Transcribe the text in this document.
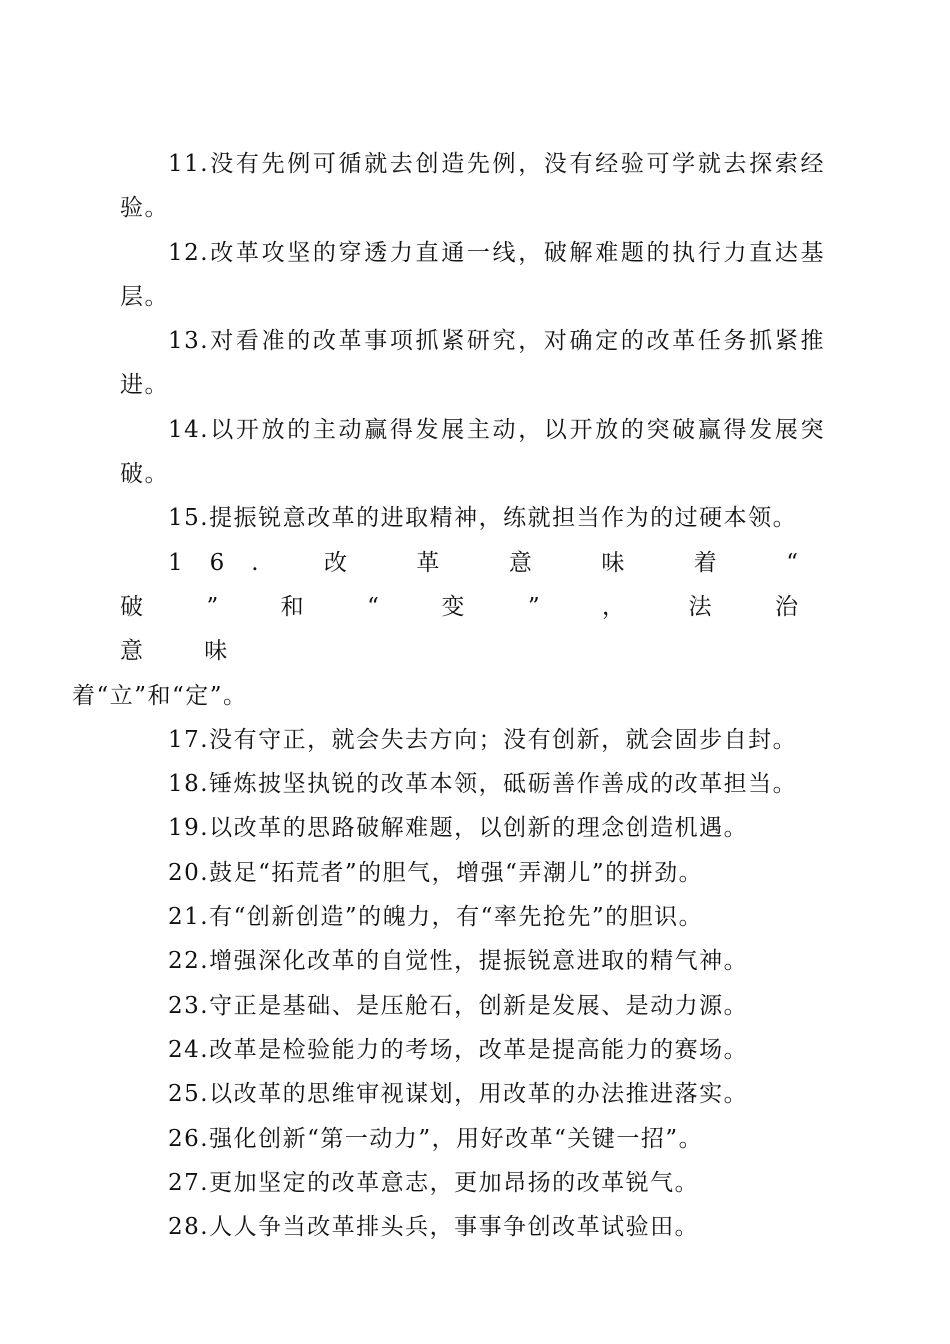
11.没有先例可循就去创造先例，没有经验可学就去探索经验。

12.改革攻坚的穿透力直通一线，破解难题的执行力直达基层。

13.对看准的改革事项抓紧研究，对确定的改革任务抓紧推进。

14.以开放的主动赢得发展主动，以开放的突破赢得发展突破。

15.提振锐意改革的进取精神，练就担当作为的过硬本领。

16. 改 革 意 味 着 “ 破 ” 和 “ 变 ” ， 法 治 意 味
着“立”和“定”。

17.没有守正，就会失去方向；没有创新，就会固步自封。

18.锤炼披坚执锐的改革本领，砥砺善作善成的改革担当。

19.以改革的思路破解难题，以创新的理念创造机遇。

20.鼓足“拓荒者”的胆气，增强“弄潮儿”的拼劲。

21.有“创新创造”的魄力，有“率先抢先”的胆识。

22.增强深化改革的自觉性，提振锐意进取的精气神。

23.守正是基础、是压舱石，创新是发展、是动力源。

24.改革是检验能力的考场，改革是提高能力的赛场。

25.以改革的思维审视谋划，用改革的办法推进落实。

26.强化创新“第一动力”，用好改革“关键一招”。

27.更加坚定的改革意志，更加昂扬的改革锐气。

28.人人争当改革排头兵，事事争创改革试验田。
